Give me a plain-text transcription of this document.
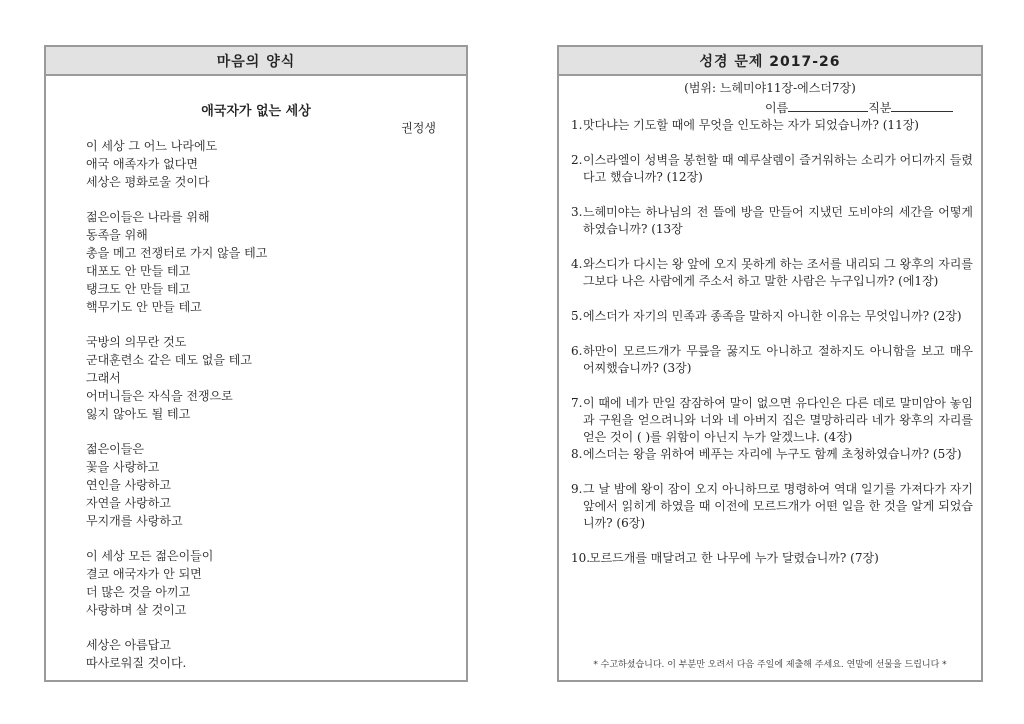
마음의 양식
애국자가 없는 세상
권정생
이 세상 그 어느 나라에도
애국 애족자가 없다면
세상은 평화로울 것이다
젊은이들은 나라를 위해
동족을 위해
총을 메고 전쟁터로 가지 않을 테고
대포도 안 만들 테고
탱크도 안 만들 테고
핵무기도 안 만들 테고
국방의 의무란 것도
군대훈련소 같은 데도 없을 테고
그래서
어머니들은 자식을 전쟁으로
잃지 않아도 될 테고
젊은이들은
꽃을 사랑하고
연인을 사랑하고
자연을 사랑하고
무지개를 사랑하고
이 세상 모든 젊은이들이
결코 애국자가 안 되면
더 많은 것을 아끼고
사랑하며 살 것이고
세상은 아름답고
따사로워질 것이다.
성경 문제 2017-26
(범위: 느헤미야11장-에스더7장)
이름	직분
1. 맛다냐는 기도할 때에 무엇을 인도하는 자가 되었습니까? (11장)
2. 이스라엘이 성벽을 봉헌할 때 예루살렘이 즐거워하는 소리가 어디까지 들렸다고 했습니까? (12장)
3. 느헤미야는 하나님의 전 뜰에 방을 만들어 지냈던 도비야의 세간을 어떻게 하였습니까? (13장
4. 와스디가 다시는 왕 앞에 오지 못하게 하는 조서를 내리되 그 왕후의 자리를 그보다 나은 사람에게 주소서 하고 말한 사람은 누구입니까? (에1장)
5. 에스더가 자기의 민족과 종족을 말하지 아니한 이유는 무엇입니까? (2장)
6. 하만이 모르드개가 무릎을 꿇지도 아니하고 절하지도 아니함을 보고 매우 어찌했습니까? (3장)
7. 이 때에 네가 만일 잠잠하여 말이 없으면 유다인은 다른 데로 말미암아 놓임과 구원을 얻으려니와 너와 네 아버지 집은 멸망하리라 네가 왕후의 자리를 얻은 것이 ( )를 위함이 아닌지 누가 알겠느냐. (4장)
8. 에스더는 왕을 위하여 베푸는 자리에 누구도 함께 초청하였습니까? (5장)
9. 그 날 밤에 왕이 잠이 오지 아니하므로 명령하여 역대 일기를 가져다가 자기 앞에서 읽히게 하였을 때 이전에 모르드개가 어떤 일을 한 것을 알게 되었습니까? (6장)
10.
모르드개를 매달려고 한 나무에 누가 달렸습니까? (7장)
* 수고하셨습니다. 이 부분만 오려서 다음 주일에 제출해 주세요. 연말에 선물을 드립니다 *
